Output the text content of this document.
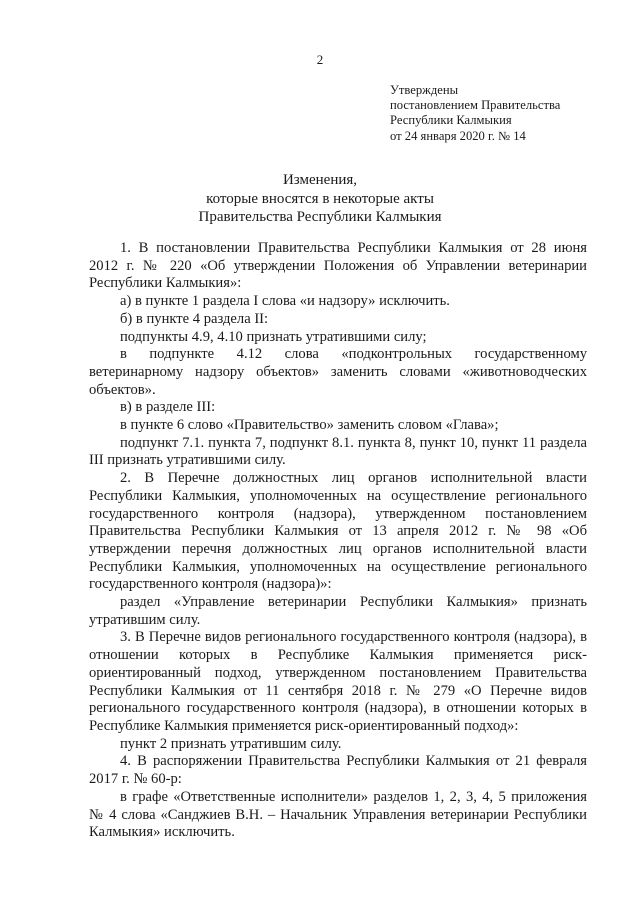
2
Утверждены
постановлением Правительства
Республики Калмыкия
от 24 января 2020 г. № 14
Изменения,
которые вносятся в некоторые акты
Правительства Республики Калмыкия

1. В постановлении Правительства Республики Калмыкия от 28 июня 2012 г. № 220 «Об утверждении Положения об Управлении ветеринарии Республики Калмыкия»:

а) в пункте 1 раздела I слова «и надзору» исключить.

б) в пункте 4 раздела II:

подпункты 4.9, 4.10 признать утратившими силу;

в подпункте 4.12 слова «подконтрольных государственному ветеринарному надзору объектов» заменить словами «животноводческих объектов».

в) в разделе III:

в пункте 6 слово «Правительство» заменить словом «Глава»;

подпункт 7.1. пункта 7, подпункт 8.1. пункта 8, пункт 10, пункт 11 раздела III признать утратившими силу.

2. В Перечне должностных лиц органов исполнительной власти Республики Калмыкия, уполномоченных на осуществление регионального государственного контроля (надзора), утвержденном постановлением Правительства Республики Калмыкия от 13 апреля 2012 г. № 98 «Об утверждении перечня должностных лиц органов исполнительной власти Республики Калмыкия, уполномоченных на осуществление регионального государственного контроля (надзора)»:

раздел «Управление ветеринарии Республики Калмыкия» признать утратившим силу.

3. В Перечне видов регионального государственного контроля (надзора), в отношении которых в Республике Калмыкия применяется риск-ориентированный подход, утвержденном постановлением Правительства Республики Калмыкия от 11 сентября 2018 г. № 279 «О Перечне видов регионального государственного контроля (надзора), в отношении которых в Республике Калмыкия применяется риск-ориентированный подход»:

пункт 2 признать утратившим силу.

4. В распоряжении Правительства Республики Калмыкия от 21 февраля 2017 г. № 60-р:

в графе «Ответственные исполнители» разделов 1, 2, 3, 4, 5 приложения № 4 слова «Санджиев В.Н. – Начальник Управления ветеринарии Республики Калмыкия» исключить.
